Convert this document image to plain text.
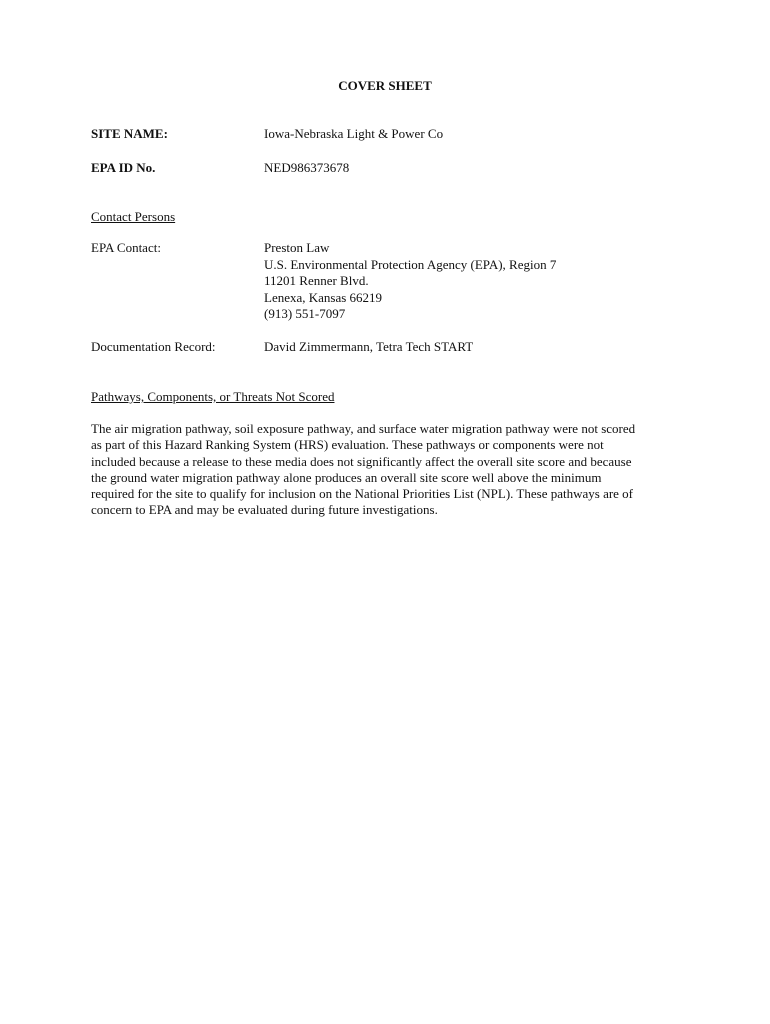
COVER SHEET
SITE NAME:	Iowa-Nebraska Light & Power Co
EPA ID No.	NED986373678
Contact Persons
EPA Contact:	Preston Law
U.S. Environmental Protection Agency (EPA), Region 7
11201 Renner Blvd.
Lenexa, Kansas 66219
(913) 551-7097
Documentation Record:	David Zimmermann, Tetra Tech START
Pathways, Components, or Threats Not Scored
The air migration pathway, soil exposure pathway, and surface water migration pathway were not scored
as part of this Hazard Ranking System (HRS) evaluation. These pathways or components were not
included because a release to these media does not significantly affect the overall site score and because
the ground water migration pathway alone produces an overall site score well above the minimum
required for the site to qualify for inclusion on the National Priorities List (NPL). These pathways are of
concern to EPA and may be evaluated during future investigations.
